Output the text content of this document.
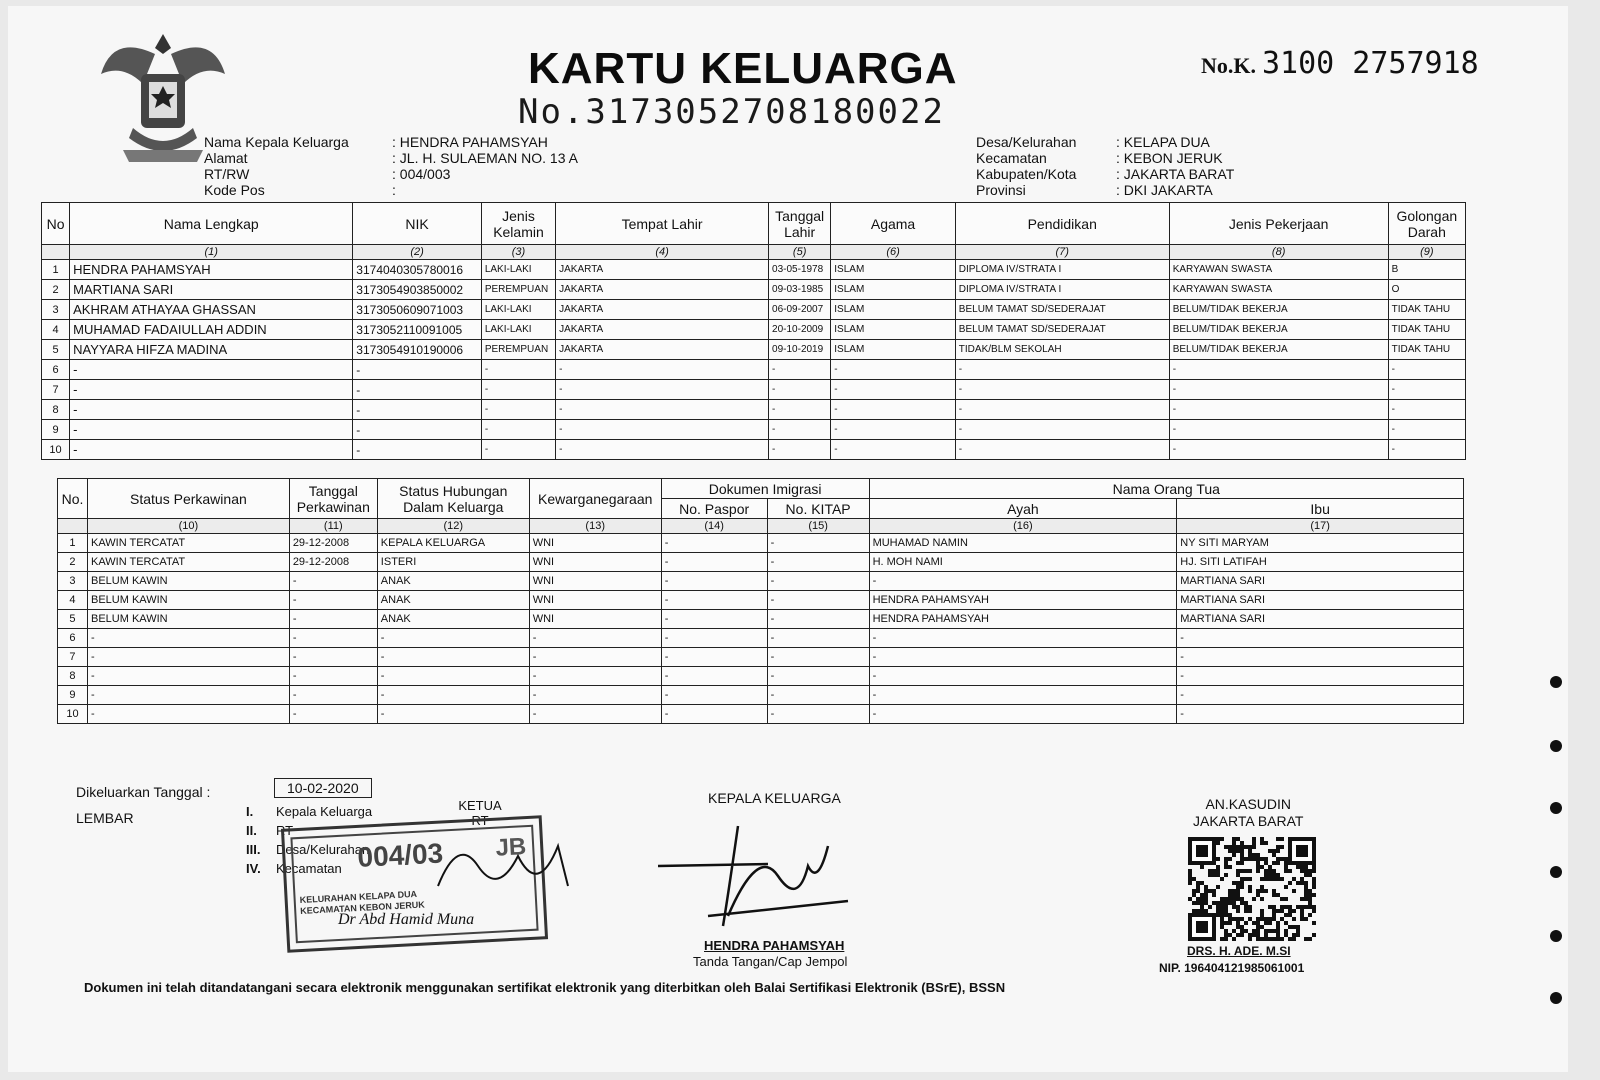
KARTU KELUARGA
No.3173052708180022
No.K. 3100 2757918
Nama Kepala Keluarga	: HENDRA PAHAMSYAH
Alamat	: JL. H. SULAEMAN NO. 13 A
RT/RW	: 004/003
Kode Pos	:
Desa/Kelurahan	: KELAPA DUA
Kecamatan	: KEBON JERUK
Kabupaten/Kota	: JAKARTA BARAT
Provinsi	: DKI JAKARTA
No	Nama Lengkap	NIK	Jenis Kelamin	Tempat Lahir	Tanggal Lahir	Agama	Pendidikan	Jenis Pekerjaan	Golongan Darah
	(1)	(2)	(3)	(4)	(5)	(6)	(7)	(8)	(9)
1	HENDRA PAHAMSYAH	3174040305780016	LAKI-LAKI	JAKARTA	03-05-1978	ISLAM	DIPLOMA IV/STRATA I	KARYAWAN SWASTA	B
2	MARTIANA SARI	3173054903850002	PEREMPUAN	JAKARTA	09-03-1985	ISLAM	DIPLOMA IV/STRATA I	KARYAWAN SWASTA	O
3	AKHRAM ATHAYAA GHASSAN	3173050609071003	LAKI-LAKI	JAKARTA	06-09-2007	ISLAM	BELUM TAMAT SD/SEDERAJAT	BELUM/TIDAK BEKERJA	TIDAK TAHU
4	MUHAMAD FADAIULLAH ADDIN	3173052110091005	LAKI-LAKI	JAKARTA	20-10-2009	ISLAM	BELUM TAMAT SD/SEDERAJAT	BELUM/TIDAK BEKERJA	TIDAK TAHU
5	NAYYARA HIFZA MADINA	3173054910190006	PEREMPUAN	JAKARTA	09-10-2019	ISLAM	TIDAK/BLM SEKOLAH	BELUM/TIDAK BEKERJA	TIDAK TAHU
6	-	-	-	-	-	-	-	-	-
7	-	-	-	-	-	-	-	-	-
8	-	-	-	-	-	-	-	-	-
9	-	-	-	-	-	-	-	-	-
10	-	-	-	-	-	-	-	-	-
No.	Status Perkawinan	Tanggal Perkawinan	Status Hubungan Dalam Keluarga	Kewarganegaraan	Dokumen Imigrasi		Nama Orang Tua	
					No. Paspor	No. KITAP	Ayah	Ibu
	(10)	(11)	(12)	(13)	(14)	(15)	(16)	(17)
1	KAWIN TERCATAT	29-12-2008	KEPALA KELUARGA	WNI	-	-	MUHAMAD NAMIN	NY SITI MARYAM
2	KAWIN TERCATAT	29-12-2008	ISTERI	WNI	-	-	H. MOH NAMI	HJ. SITI LATIFAH
3	BELUM KAWIN	-	ANAK	WNI	-	-	-	MARTIANA SARI
4	BELUM KAWIN	-	ANAK	WNI	-	-	HENDRA PAHAMSYAH	MARTIANA SARI
5	BELUM KAWIN	-	ANAK	WNI	-	-	HENDRA PAHAMSYAH	MARTIANA SARI
6	-	-	-	-	-	-	-	-
7	-	-	-	-	-	-	-	-
8	-	-	-	-	-	-	-	-
9	-	-	-	-	-	-	-	-
10	-	-	-	-	-	-	-	-
Dikeluarkan Tanggal :	10-02-2020
LEMBAR	I.	Kepala Keluarga
II.	RT
III.	Desa/Kelurahan
IV.	Kecamatan
KETUA RT
004/03 JB
KELURAHAN KELAPA DUA KECAMATAN KEBON JERUK
Dr Abd Hamid Muna
KEPALA KELUARGA
HENDRA PAHAMSYAH
Tanda Tangan/Cap Jempol
AN.KASUDIN
JAKARTA BARAT
DRS. H. ADE. M.SI
NIP. 196404121985061001
Dokumen ini telah ditandatangani secara elektronik menggunakan sertifikat elektronik yang diterbitkan oleh Balai Sertifikasi Elektronik (BSrE), BSSN
